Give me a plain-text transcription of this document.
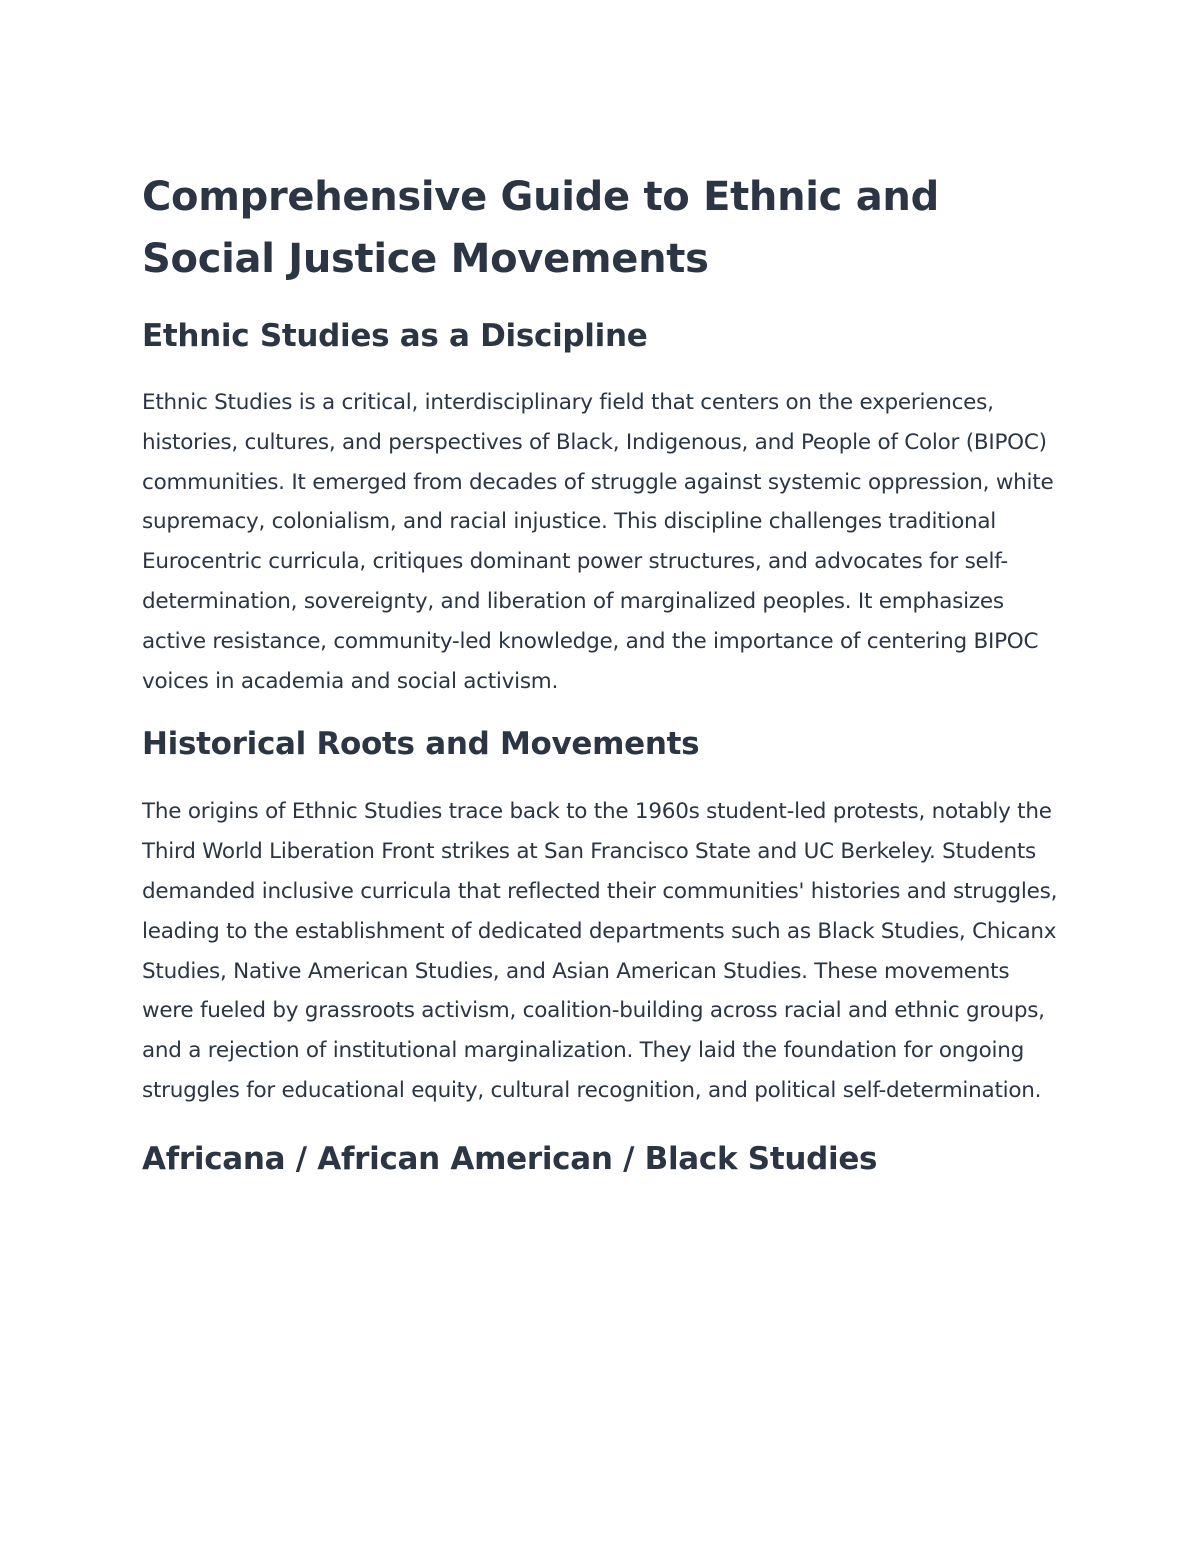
Comprehensive Guide to Ethnic and Social Justice Movements
Ethnic Studies as a Discipline

Ethnic Studies is a critical, interdisciplinary field that centers on the experiences, histories, cultures, and perspectives of Black, Indigenous, and People of Color (BIPOC) communities. It emerged from decades of struggle against systemic oppression, white supremacy, colonialism, and racial injustice. This discipline challenges traditional Eurocentric curricula, critiques dominant power structures, and advocates for self-determination, sovereignty, and liberation of marginalized peoples. It emphasizes active resistance, community-led knowledge, and the importance of centering BIPOC voices in academia and social activism.

Historical Roots and Movements

The origins of Ethnic Studies trace back to the 1960s student-led protests, notably the Third World Liberation Front strikes at San Francisco State and UC Berkeley. Students demanded inclusive curricula that reflected their communities' histories and struggles, leading to the establishment of dedicated departments such as Black Studies, Chicanx Studies, Native American Studies, and Asian American Studies. These movements were fueled by grassroots activism, coalition-building across racial and ethnic groups, and a rejection of institutional marginalization. They laid the foundation for ongoing struggles for educational equity, cultural recognition, and political self-determination.

Africana / African American / Black Studies
